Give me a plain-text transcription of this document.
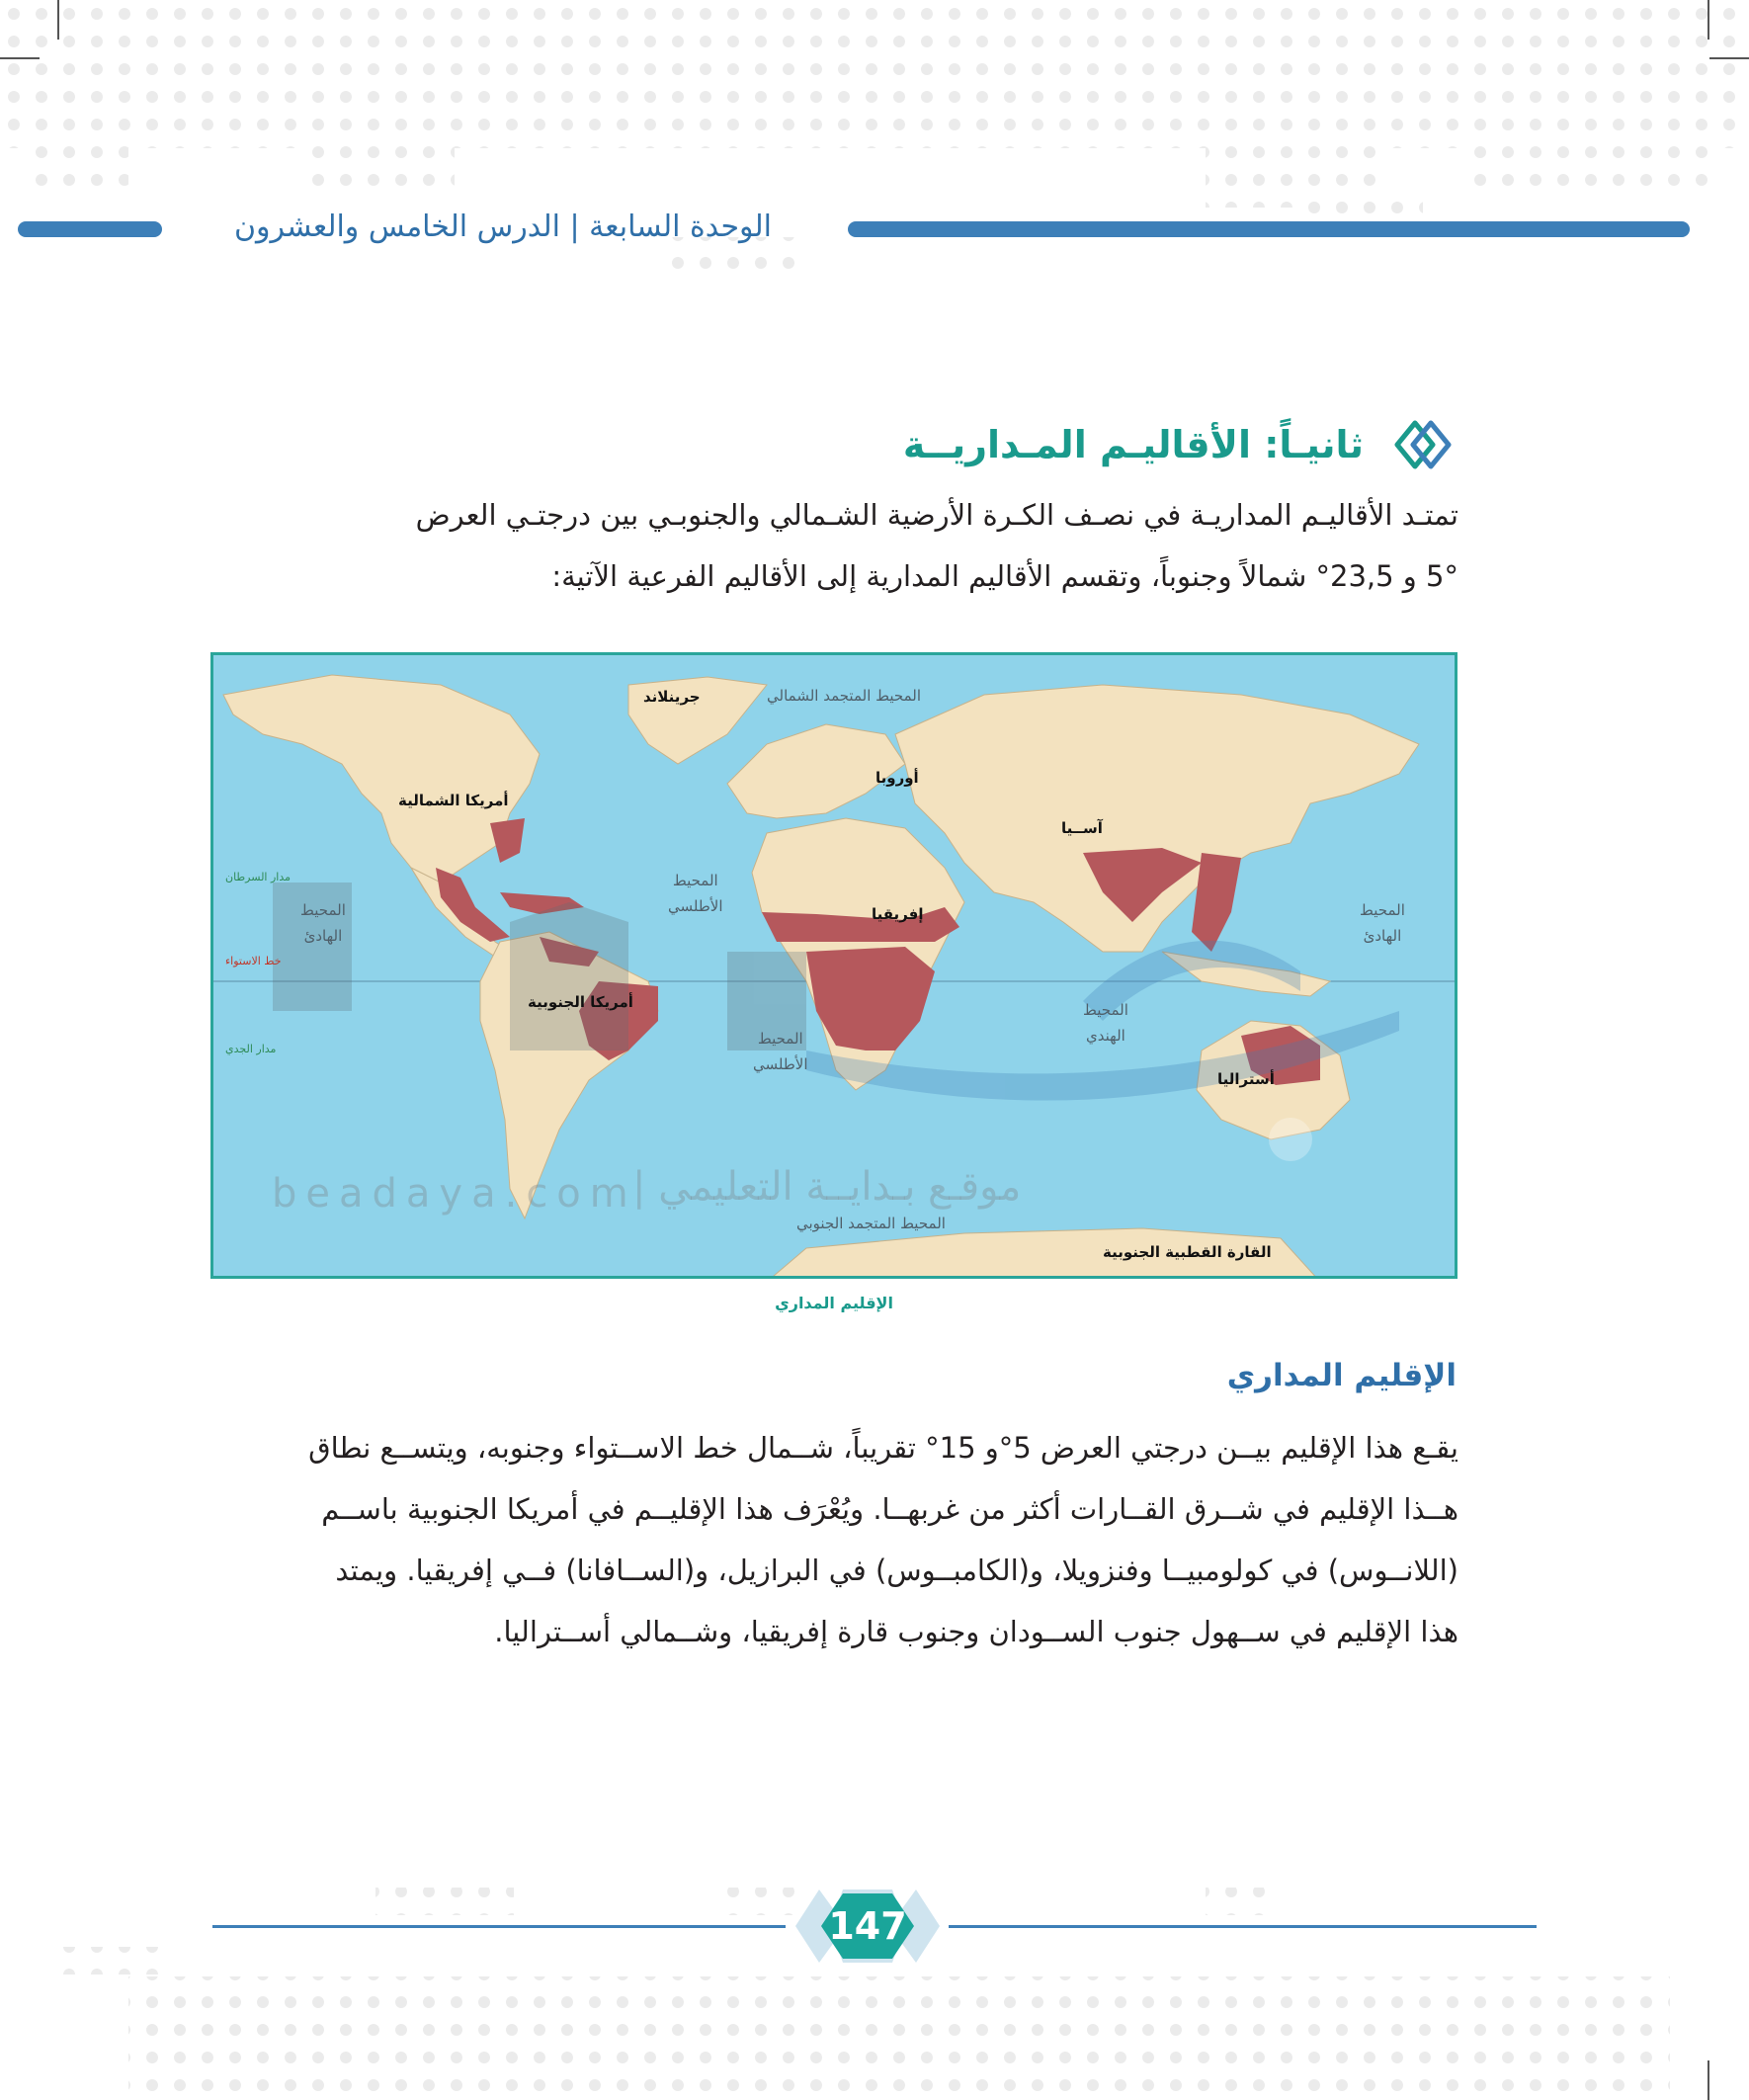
الوحدة السابعة | الدرس الخامس والعشرون
ثانيـاً: الأقاليـم المـداريــة
تمتـد الأقاليـم المداريـة في نصـف الكـرة الأرضية الشـمالي والجنوبـي بين درجتـي العرض
5° و 23,5° شمالاً وجنوباً، وتقسم الأقاليم المدارية إلى الأقاليم الفرعية الآتية:
جرينلاند
أمريكا الشمالية
أوروبا
آســيا
إفريقيا
أمريكا الجنوبية
أستراليا
القارة القطبية الجنوبية
المحيط المتجمد الشمالي
المحيط
الهادئ
المحيط
الأطلسي
المحيط
الأطلسي
المحيط
الهندي
المحيط
الهادئ
المحيط المتجمد الجنوبي
مدار السرطان
خط الاستواء
مدار الجدي
beadaya.com
موقـع بـدايــة التعليمي |
الإقليم المداري
الإقليم المداري
يقـع هذا الإقليم بيــن درجتي العرض 5°و 15° تقريباً، شــمال خط الاســتواء وجنوبه، ويتســع نطاق
هــذا الإقليم في شــرق القــارات أكثر من غربهــا. ويُعْرَف هذا الإقليــم في أمريكا الجنوبية باســم
(اللانــوس) في كولومبيــا وفنزويلا، و(الكامبــوس) في البرازيل، و(الســافانا) فــي إفريقيا. ويمتد
هذا الإقليم في ســهول جنوب الســودان وجنوب قارة إفريقيا، وشــمالي أســتراليا.
147
